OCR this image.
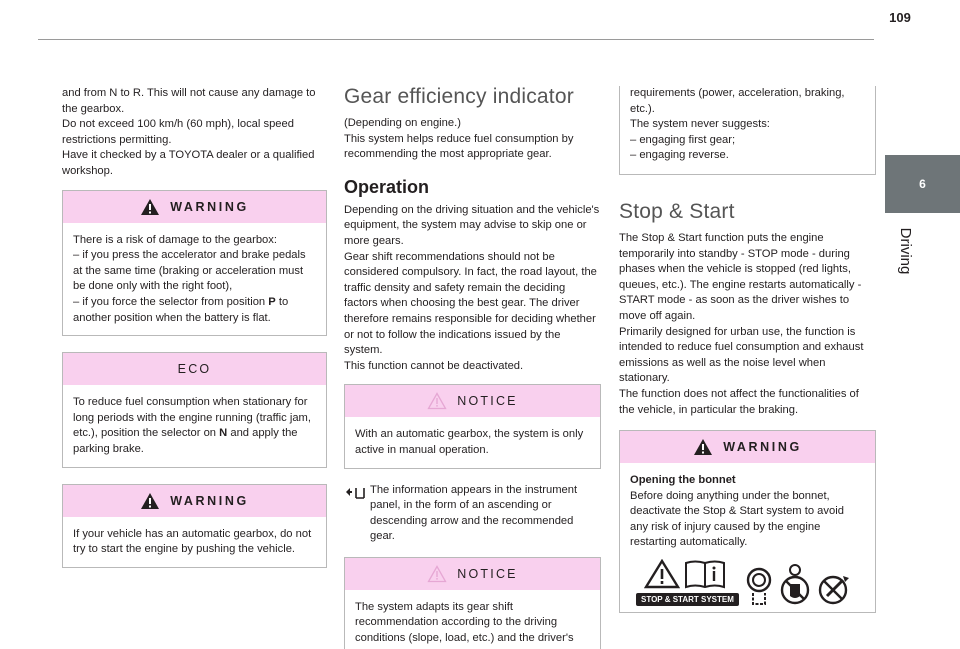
109
6
Driving

and from N to R. This will not cause any damage to the gearbox.
Do not exceed 100 km/h (60 mph), local speed restrictions permitting.
Have it checked by a TOYOTA dealer or a qualified workshop.

WARNING

There is a risk of damage to the gearbox:
– if you press the accelerator and brake pedals at the same time (braking or acceleration must be done only with the right foot),
– if you force the selector from position P to another position when the battery is flat.

ECO

To reduce fuel consumption when stationary for long periods with the engine running (traffic jam, etc.), position the selector on N and apply the parking brake.

WARNING

If your vehicle has an automatic gearbox, do not try to start the engine by pushing the vehicle.

Gear efficiency indicator

(Depending on engine.)
This system helps reduce fuel consumption by recommending the most appropriate gear.

Operation

Depending on the driving situation and the vehicle's equipment, the system may advise to skip one or more gears.
Gear shift recommendations should not be considered compulsory. In fact, the road layout, the traffic density and safety remain the deciding factors when choosing the best gear. The driver therefore remains responsible for deciding whether or not to follow the indications issued by the system.
This function cannot be deactivated.

NOTICE

With an automatic gearbox, the system is only active in manual operation.

The information appears in the instrument panel, in the form of an ascending or descending arrow and the recommended gear.

NOTICE

The system adapts its gear shift recommendation according to the driving conditions (slope, load, etc.) and the driver's

requirements (power, acceleration, braking, etc.).
The system never suggests:
– engaging first gear;
– engaging reverse.

Stop & Start

The Stop & Start function puts the engine temporarily into standby - STOP mode - during phases when the vehicle is stopped (red lights, queues, etc.). The engine restarts automatically - START mode - as soon as the driver wishes to move off again.
Primarily designed for urban use, the function is intended to reduce fuel consumption and exhaust emissions as well as the noise level when stationary.
The function does not affect the functionalities of the vehicle, in particular the braking.

WARNING

Opening the bonnet
Before doing anything under the bonnet, deactivate the Stop & Start system to avoid any risk of injury caused by the engine restarting automatically.

STOP & START SYSTEM
